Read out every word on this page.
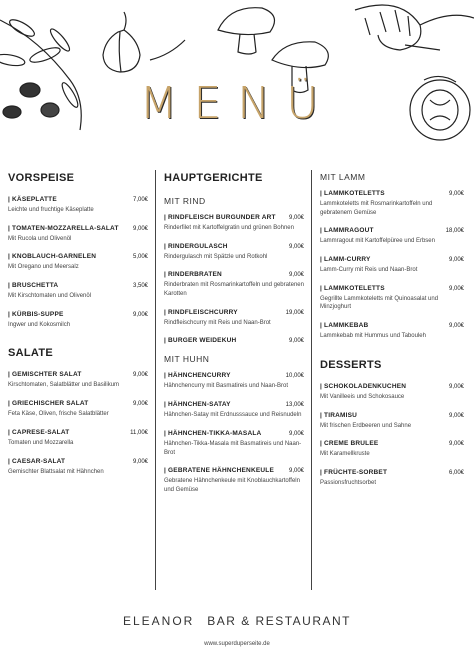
MENÜ
VORSPEISE
| KÄSEPLATTE	7,00€
Leichte und fruchtige Käseplatte
| TOMATEN-MOZZARELLA-SALAT	9,00€
Mit Rucola und Olivenöl
| KNOBLAUCH-GARNELEN	5,00€
Mit Oregano und Meersalz
| BRUSCHETTA	3,50€
Mit Kirschtomaten und Olivenöl
| KÜRBIS-SUPPE	9,00€
Ingwer und Kokosmilch
SALATE
| GEMISCHTER SALAT	9,00€
Kirschtomaten, Salatblätter und Basilikum
| GRIECHISCHER SALAT	9,00€
Feta Käse, Oliven, frische Salatblätter
| CAPRESE-SALAT	11,00€
Tomaten und Mozzarella
| CAESAR-SALAT	9,00€
Gemischter Blattsalat mit Hähnchen
HAUPTGERICHTE
MIT RIND
| RINDFLEISCH BURGUNDER ART	9,00€
Rinderfilet mit Kartoffelgratin und grünen Bohnen
| RINDERGULASCH	9,00€
Rindergulasch mit Spätzle und Rotkohl
| RINDERBRATEN	9,00€
Rinderbraten mit Rosmarinkartoffeln und gebratenen Karotten
| RINDFLEISCHCURRY	19,00€
Rindfleischcurry mit Reis und Naan-Brot
| BURGER WEIDEKUH	9,00€
MIT HUHN
| HÄHNCHENCURRY	10,00€
Hähnchencurry mit Basmatireis und Naan-Brot
| HÄHNCHEN-SATAY	13,00€
Hähnchen-Satay mit Erdnusssauce und Reisnudeln
| HÄHNCHEN-TIKKA-MASALA	9,00€
Hähnchen-Tikka-Masala mit Basmatireis und Naan-Brot
| GEBRATENE HÄHNCHENKEULE	9,00€
Gebratene Hähnchenkeule mit Knoblauchkartoffeln und Gemüse
MIT LAMM
| LAMMKOTELETTS	9,00€
Lammkoteletts mit Rosmarinkartoffeln und gebratenem Gemüse
| LAMMRAGOUT	18,00€
Lammragout mit Kartoffelpüree und Erbsen
| LAMM-CURRY	9,00€
Lamm-Curry mit Reis und Naan-Brot
| LAMMKOTELETTS	9,00€
Gegrillte Lammkoteletts mit Quinoasalat und Minzjoghurt
| LAMMKEBAB	9,00€
Lammkebab mit Hummus und Tabouleh
DESSERTS
| SCHOKOLADENKUCHEN	9,00€
Mit Vanilleeis und Schokosauce
| TIRAMISU	9,00€
Mit frischen Erdbeeren und Sahne
| CREME BRULEE	9,00€
Mit Karamellkruste
| FRÜCHTE-SORBET	6,00€
Passionsfruchtsorbet
ELEANOR BAR & RESTAURANT
www.superduperseite.de
